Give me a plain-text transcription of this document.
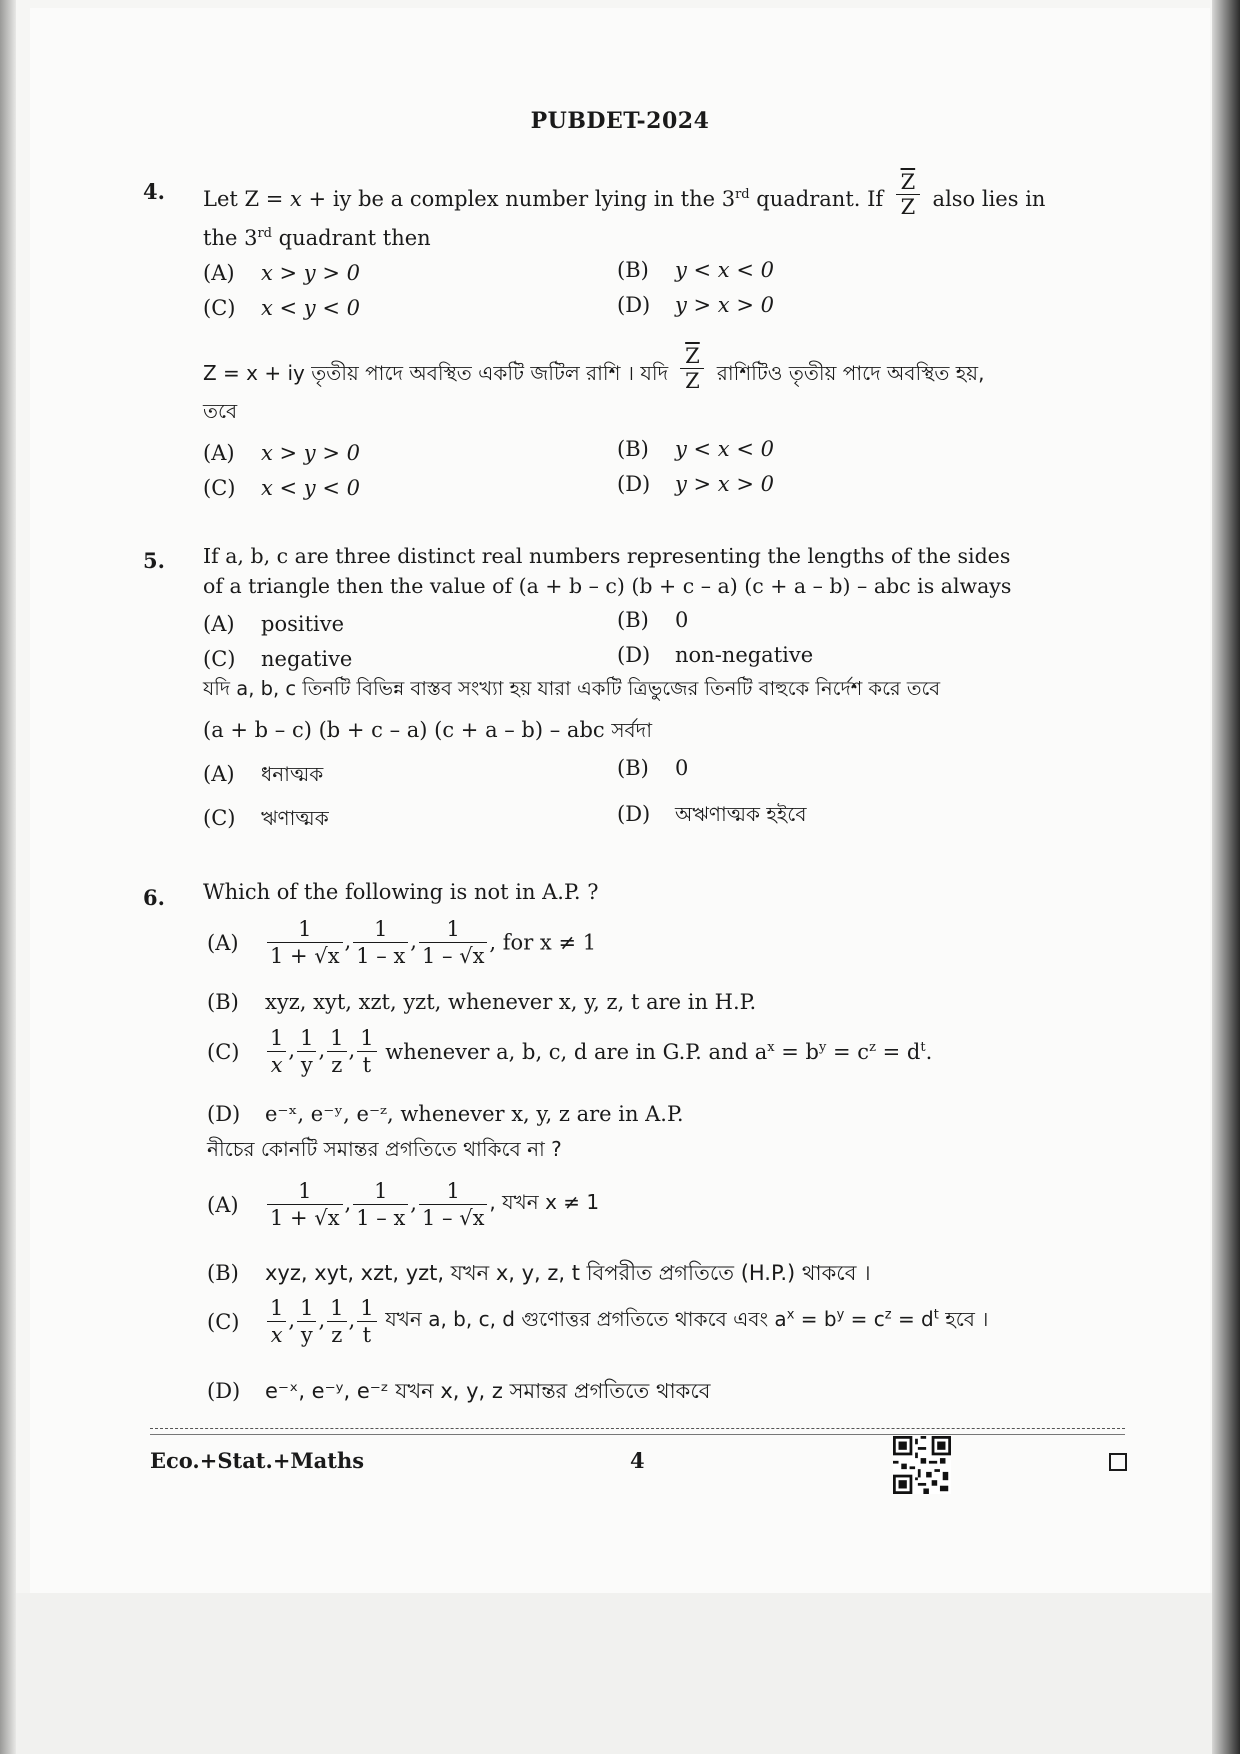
PUBDET-2024
4. Let Z = x + iy be a complex number lying in the 3rd quadrant. If $\frac{\overline{Z}}{Z}$ also lies in
the 3rd quadrant then
(A) x > y > 0	(B) y < x < 0
(C) x < y < 0	(D) y > x > 0
Z = x + iy তৃতীয় পাদে অবস্থিত একটি জটিল রাশি । যদি $\frac{\overline{Z}}{Z}$ রাশিটিও তৃতীয় পাদে অবস্থিত হয়,
তবে
(A) x > y > 0	(B) y < x < 0
(C) x < y < 0	(D) y > x > 0
5. If a, b, c are three distinct real numbers representing the lengths of the sides
of a triangle then the value of (a + b – c) (b + c – a) (c + a – b) – abc is always
(A) positive	(B) 0
(C) negative	(D) non-negative
যদি a, b, c তিনটি বিভিন্ন বাস্তব সংখ্যা হয় যারা একটি ত্রিভুজের তিনটি বাহুকে নির্দেশ করে তবে
(a + b – c) (b + c – a) (c + a – b) – abc সর্বদা
(A) ধনাত্মক	(B) 0
(C) ঋণাত্মক	(D) অঋণাত্মক হইবে
6. Which of the following is not in A.P. ?
$(A) \frac{1}{1 + √x}$ , $\frac{1}{1 - x}$ , $\frac{1}{1 - √x}$ , for x ≠ 1
(B) xyz, xyt, xzt, yzt, whenever x, y, z, t are in H.P.
$(C) \frac{1}{x}$ , $\frac{1}{y}$ , $\frac{1}{z}$ , $\frac{1}{t}$ whenever a, b, c, d are in G.P. and $a^x = b^y = c^z = d^t$.
(D) e⁻ˣ, e⁻ʸ, e⁻ᶻ, whenever x, y, z are in A.P.
নীচের কোনটি সমান্তর প্রগতিতে থাকিবে না ?
$(A) \frac{1}{1 + √x}$ , $\frac{1}{1 - x}$ , $\frac{1}{1 - √x}$ , যখন x ≠ 1
(B) xyz, xyt, xzt, yzt, যখন x, y, z, t বিপরীত প্রগতিতে (H.P.) থাকবে ।
$(C) \frac{1}{x}$ , $\frac{1}{y}$ , $\frac{1}{z}$ , $\frac{1}{t}$ যখন a, b, c, d গুণোত্তর প্রগতিতে থাকবে এবং $a^x = b^y = c^z = d^t$ হবে ।
(D) e⁻ˣ, e⁻ʸ, e⁻ᶻ যখন x, y, z সমান্তর প্রগতিতে থাকবে
Eco.+Stat.+Maths	4
